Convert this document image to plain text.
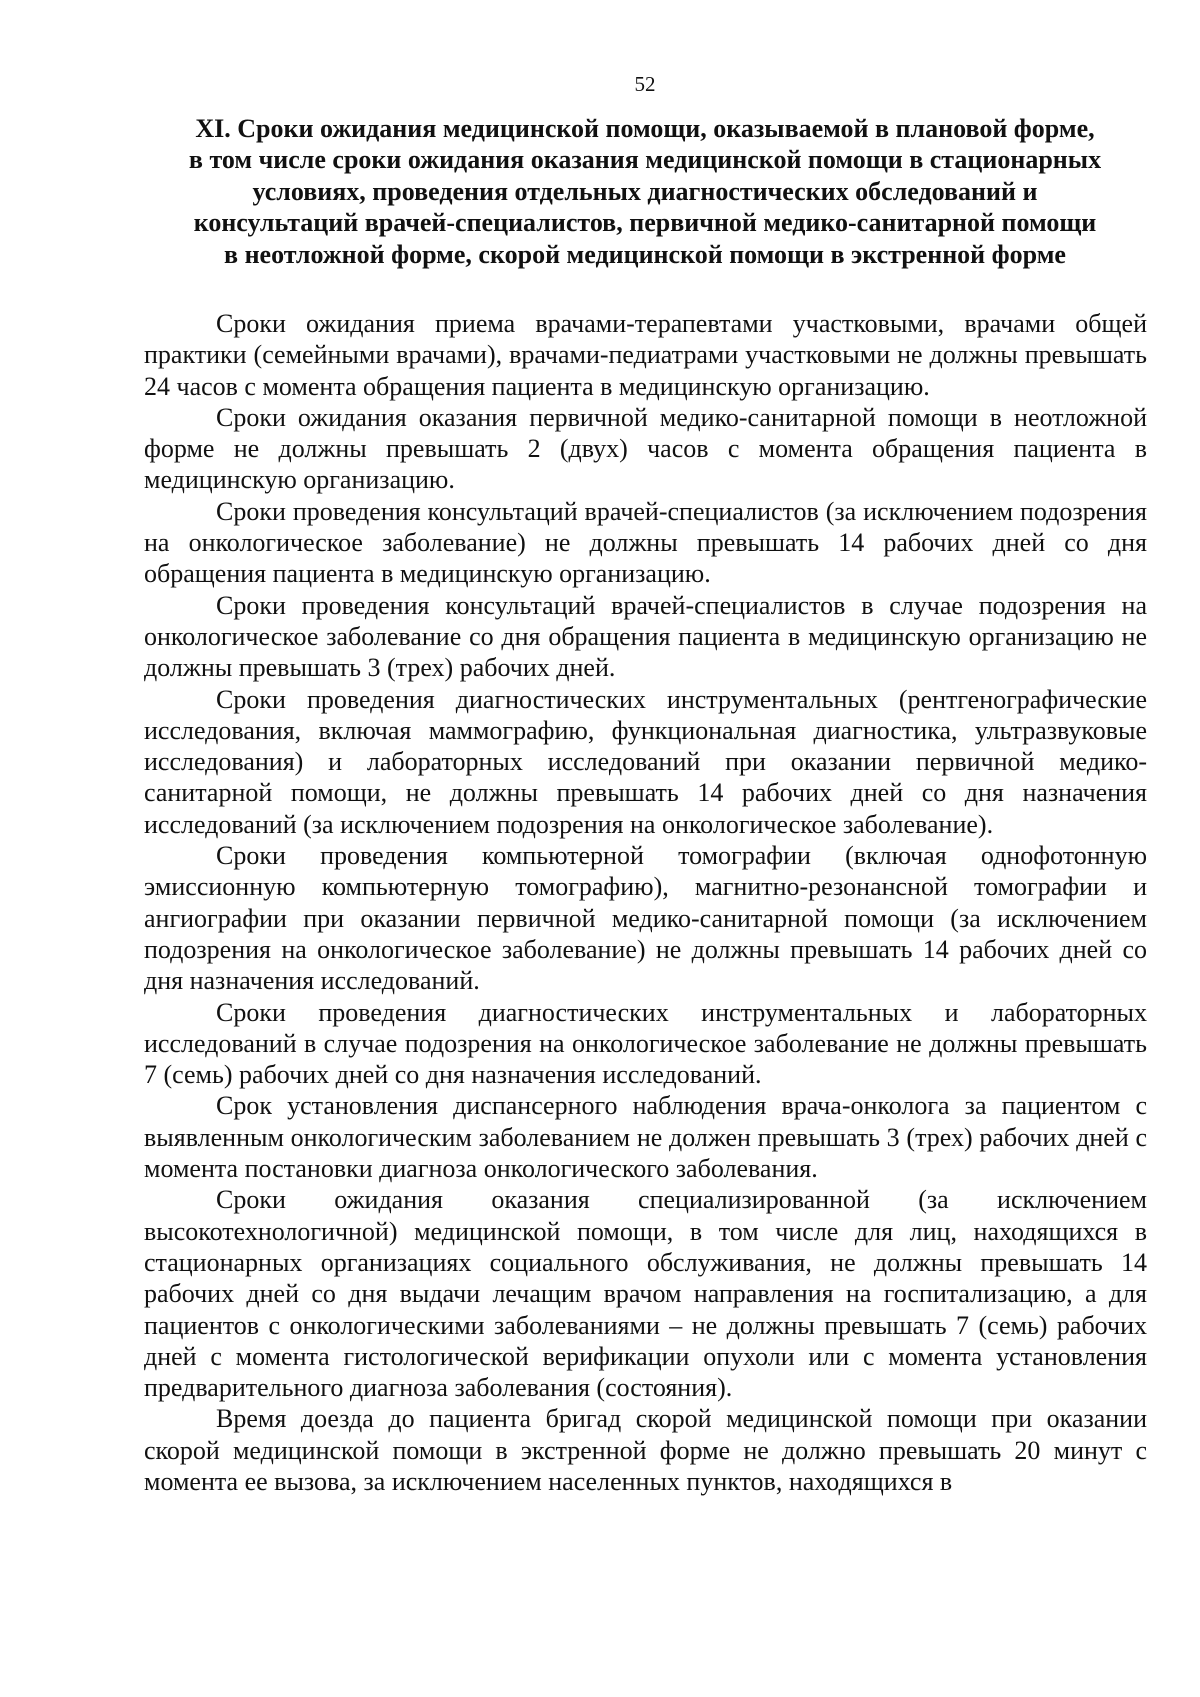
52
XI. Сроки ожидания медицинской помощи, оказываемой в плановой форме,
в том числе сроки ожидания оказания медицинской помощи в стационарных
условиях, проведения отдельных диагностических обследований и
консультаций врачей-специалистов, первичной медико-санитарной помощи
в неотложной форме, скорой медицинской помощи в экстренной форме

Сроки ожидания приема врачами-терапевтами участковыми, врачами общей практики (семейными врачами), врачами-педиатрами участковыми не должны превышать 24 часов с момента обращения пациента в медицинскую организацию.

Сроки ожидания оказания первичной медико-санитарной помощи в неотложной форме не должны превышать 2 (двух) часов с момента обращения пациента в медицинскую организацию.

Сроки проведения консультаций врачей-специалистов (за исключением подозрения на онкологическое заболевание) не должны превышать 14 рабочих дней со дня обращения пациента в медицинскую организацию.

Сроки проведения консультаций врачей-специалистов в случае подозрения на онкологическое заболевание со дня обращения пациента в медицинскую организацию не должны превышать 3 (трех) рабочих дней.

Сроки проведения диагностических инструментальных (рентгенографические исследования, включая маммографию, функциональная диагностика, ультразвуковые исследования) и лабораторных исследований при оказании первичной медико-санитарной помощи, не должны превышать 14 рабочих дней со дня назначения исследований (за исключением подозрения на онкологическое заболевание).

Сроки проведения компьютерной томографии (включая однофотонную эмиссионную компьютерную томографию), магнитно-резонансной томографии и ангиографии при оказании первичной медико-санитарной помощи (за исключением подозрения на онкологическое заболевание) не должны превышать 14 рабочих дней со дня назначения исследований.

Сроки проведения диагностических инструментальных и лабораторных исследований в случае подозрения на онкологическое заболевание не должны превышать 7 (семь) рабочих дней со дня назначения исследований.

Срок установления диспансерного наблюдения врача-онколога за пациентом с выявленным онкологическим заболеванием не должен превышать 3 (трех) рабочих дней с момента постановки диагноза онкологического заболевания.

Сроки ожидания оказания специализированной (за исключением высокотехнологичной) медицинской помощи, в том числе для лиц, находящихся в стационарных организациях социального обслуживания, не должны превышать 14 рабочих дней со дня выдачи лечащим врачом направления на госпитализацию, а для пациентов с онкологическими заболеваниями – не должны превышать 7 (семь) рабочих дней с момента гистологической верификации опухоли или с момента установления предварительного диагноза заболевания (состояния).

Время доезда до пациента бригад скорой медицинской помощи при оказании скорой медицинской помощи в экстренной форме не должно превышать 20 минут с момента ее вызова, за исключением населенных пунктов, находящихся в
